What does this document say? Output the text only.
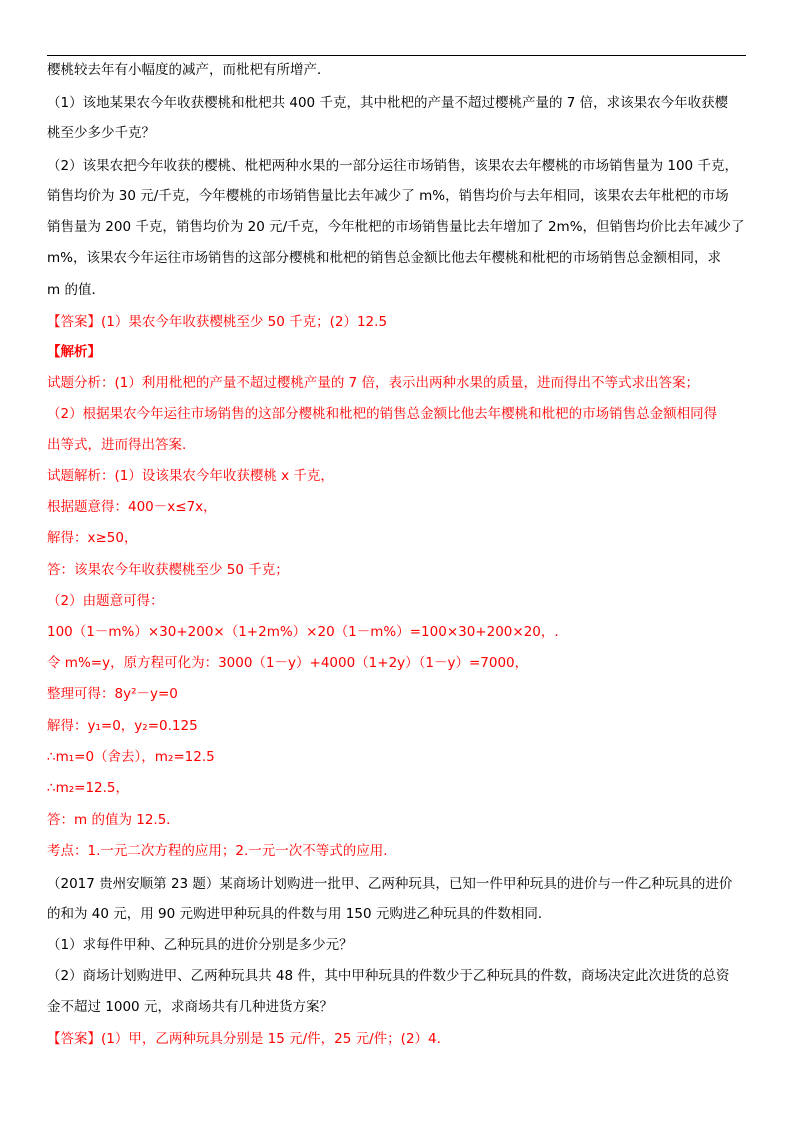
樱桃较去年有小幅度的减产，而枇杷有所增产．
（1）该地某果农今年收获樱桃和枇杷共 400 千克，其中枇杷的产量不超过樱桃产量的 7 倍，求该果农今年收获樱
桃至少多少千克？
（2）该果农把今年收获的樱桃、枇杷两种水果的一部分运往市场销售，该果农去年樱桃的市场销售量为 100 千克，
销售均价为 30 元/千克，今年樱桃的市场销售量比去年减少了 m%，销售均价与去年相同，该果农去年枇杷的市场
销售量为 200 千克，销售均价为 20 元/千克，今年枇杷的市场销售量比去年增加了 2m%，但销售均价比去年减少了
m%，该果农今年运往市场销售的这部分樱桃和枇杷的销售总金额比他去年樱桃和枇杷的市场销售总金额相同，求
m 的值．
【答案】(1）果农今年收获樱桃至少 50 千克；(2）12.5
【解析】
试题分析：(1）利用枇杷的产量不超过樱桃产量的 7 倍，表示出两种水果的质量，进而得出不等式求出答案；
（2）根据果农今年运往市场销售的这部分樱桃和枇杷的销售总金额比他去年樱桃和枇杷的市场销售总金额相同得
出等式，进而得出答案.
试题解析：(1）设该果农今年收获樱桃 x 千克，
根据题意得：400－x≤7x，
解得：x≥50，
答：该果农今年收获樱桃至少 50 千克；
（2）由题意可得：
100（1－m%）×30+200×（1+2m%）×20（1－m%）=100×30+200×20，.
令 m%=y，原方程可化为：3000（1－y）+4000（1+2y）（1－y）=7000，
整理可得：8y²－y=0
解得：y₁=0，y₂=0.125
∴m₁=0（舍去），m₂=12.5
∴m₂=12.5，
答：m 的值为 12.5．
考点：1.一元二次方程的应用；2.一元一次不等式的应用.
（2017 贵州安顺第 23 题）某商场计划购进一批甲、乙两种玩具，已知一件甲种玩具的进价与一件乙种玩具的进价
的和为 40 元，用 90 元购进甲种玩具的件数与用 150 元购进乙种玩具的件数相同．
（1）求每件甲种、乙种玩具的进价分别是多少元？
（2）商场计划购进甲、乙两种玩具共 48 件，其中甲种玩具的件数少于乙种玩具的件数，商场决定此次进货的总资
金不超过 1000 元，求商场共有几种进货方案？
【答案】(1）甲，乙两种玩具分别是 15 元/件，25 元/件；(2）4.
